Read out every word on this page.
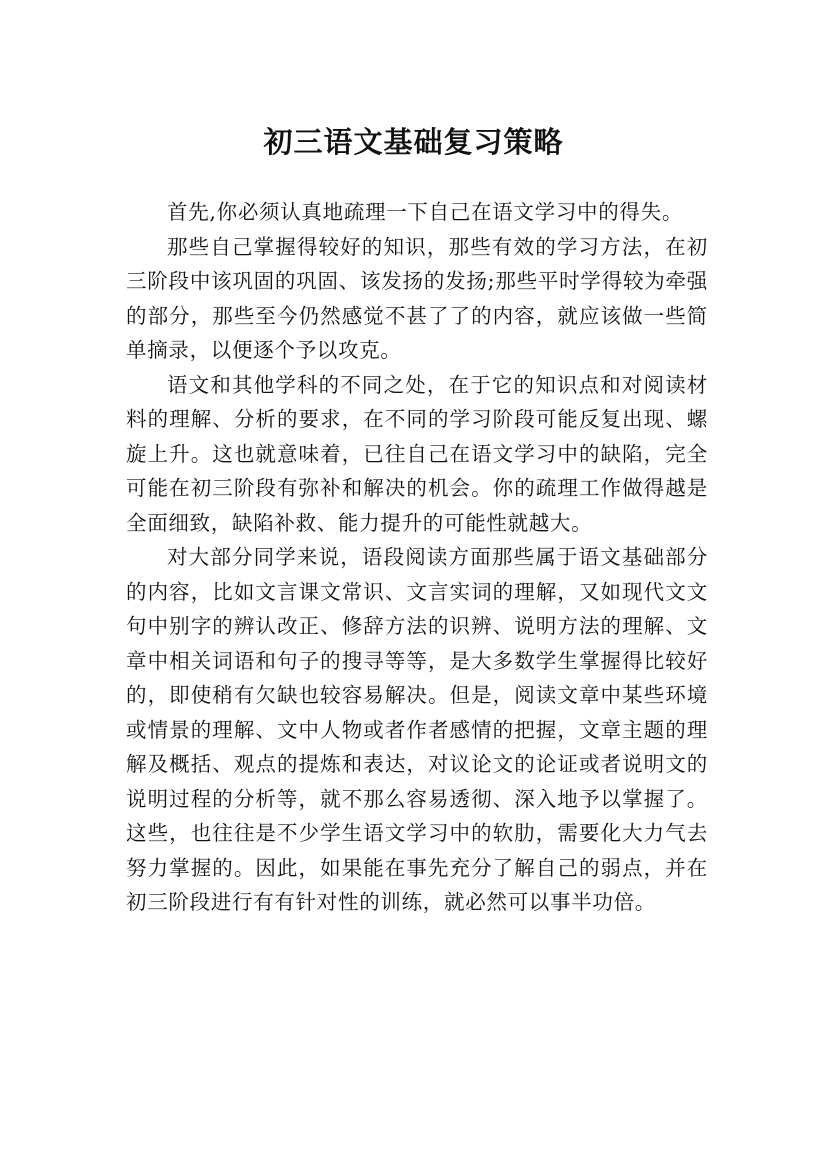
初三语文基础复习策略

首先,你必须认真地疏理一下自己在语文学习中的得失。

那些自己掌握得较好的知识，那些有效的学习方法，在初三阶段中该巩固的巩固、该发扬的发扬;那些平时学得较为牵强的部分，那些至今仍然感觉不甚了了的内容，就应该做一些简单摘录，以便逐个予以攻克。

语文和其他学科的不同之处，在于它的知识点和对阅读材料的理解、分析的要求，在不同的学习阶段可能反复出现、螺旋上升。这也就意味着，已往自己在语文学习中的缺陷，完全可能在初三阶段有弥补和解决的机会。你的疏理工作做得越是全面细致，缺陷补救、能力提升的可能性就越大。

对大部分同学来说，语段阅读方面那些属于语文基础部分的内容，比如文言课文常识、文言实词的理解，又如现代文文句中别字的辨认改正、修辞方法的识辨、说明方法的理解、文章中相关词语和句子的搜寻等等，是大多数学生掌握得比较好的，即使稍有欠缺也较容易解决。但是，阅读文章中某些环境或情景的理解、文中人物或者作者感情的把握，文章主题的理解及概括、观点的提炼和表达，对议论文的论证或者说明文的说明过程的分析等，就不那么容易透彻、深入地予以掌握了。这些，也往往是不少学生语文学习中的软肋，需要化大力气去努力掌握的。因此，如果能在事先充分了解自己的弱点，并在初三阶段进行有有针对性的训练，就必然可以事半功倍。
